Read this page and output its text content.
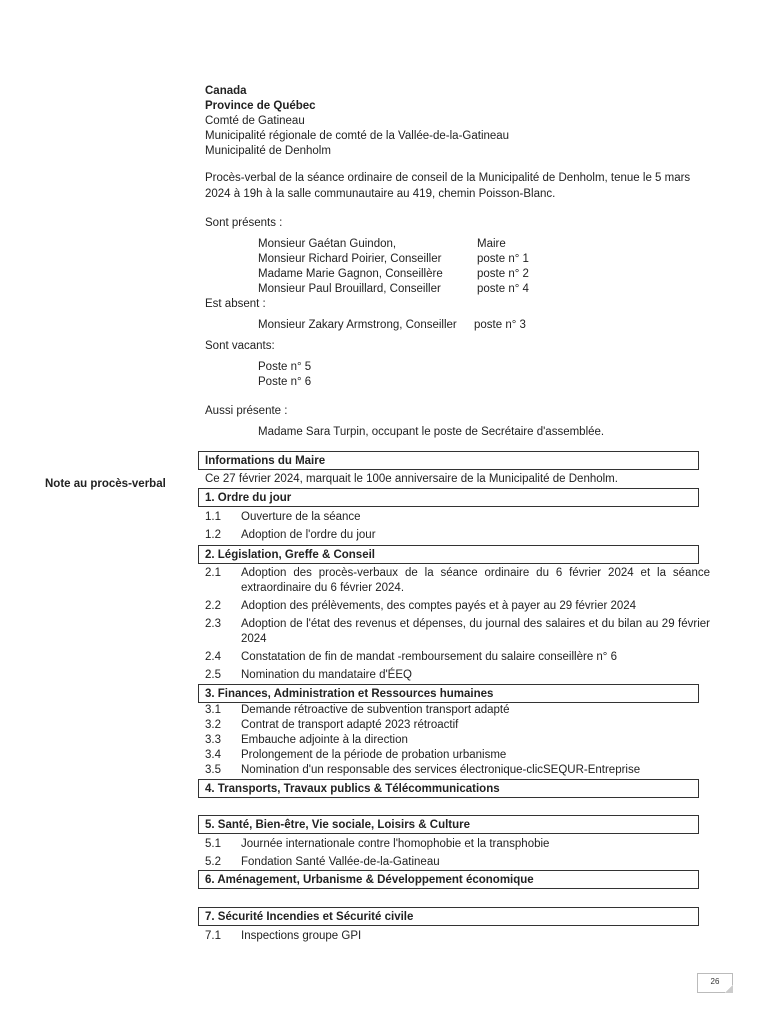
Note au procès-verbal
Canada
Province de Québec
Comté de Gatineau
Municipalité régionale de comté de la Vallée-de-la-Gatineau
Municipalité de Denholm
Procès-verbal de la séance ordinaire de conseil de la Municipalité de Denholm, tenue le 5 mars 2024 à 19h à la salle communautaire au 419, chemin Poisson-Blanc.
Sont présents :
Monsieur Gaétan Guindon,	Maire
Monsieur Richard Poirier, Conseiller	poste n° 1
Madame Marie Gagnon, Conseillère	poste n° 2
Monsieur Paul Brouillard, Conseiller	poste n° 4
Est absent :
Monsieur Zakary Armstrong, Conseiller	poste n° 3
Sont vacants:
Poste n° 5
Poste n° 6
Aussi présente :
Madame Sara Turpin, occupant le poste de Secrétaire d'assemblée.
Informations du Maire
Ce 27 février 2024, marquait le 100e anniversaire de la Municipalité de Denholm.
1. Ordre du jour
1.1	Ouverture de la séance
1.2	Adoption de l'ordre du jour
2. Législation, Greffe & Conseil
2.1	Adoption des procès-verbaux de la séance ordinaire du 6 février 2024 et la séance extraordinaire du 6 février 2024.
2.2	Adoption des prélèvements, des comptes payés et à payer au 29 février 2024
2.3	Adoption de l'état des revenus et dépenses, du journal des salaires et du bilan au 29 février 2024
2.4	Constatation de fin de mandat -remboursement du salaire conseillère n° 6
2.5	Nomination du mandataire d'ÉEQ
3. Finances, Administration et Ressources humaines
3.1	Demande rétroactive de subvention transport adapté
3.2	Contrat de transport adapté 2023 rétroactif
3.3	Embauche adjointe à la direction
3.4	Prolongement de la période de probation urbanisme
3.5	Nomination d'un responsable des services électronique-clicSEQUR-Entreprise
4. Transports, Travaux publics & Télécommunications
5. Santé, Bien-être, Vie sociale, Loisirs & Culture
5.1	Journée internationale contre l'homophobie et la transphobie
5.2	Fondation Santé Vallée-de-la-Gatineau
6. Aménagement, Urbanisme & Développement économique
7. Sécurité Incendies et Sécurité civile
7.1	Inspections groupe GPI
26
